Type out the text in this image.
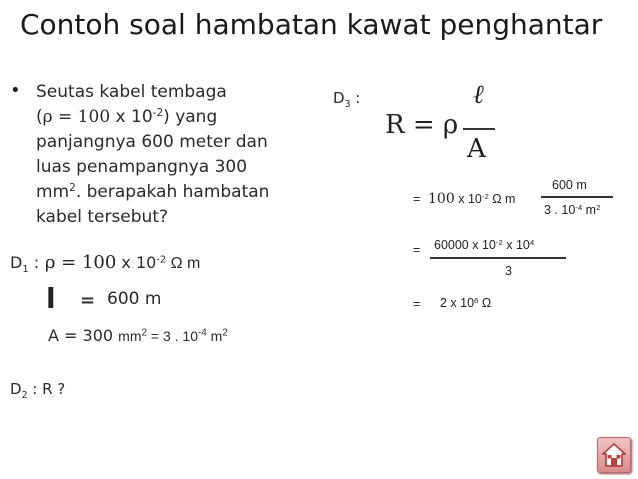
Contoh soal hambatan kawat penghantar
• Seutas kabel tembaga
(ρ = 100 x $10^{-2}$) yang
panjangnya 600 meter dan
luas penampangnya 300
$mm^2$. berapakah hambatan
kabel tersebut?
$D_1$ : ρ = 100 x $10^{-2}$ Ω m
l = 600 m
A = 300 $mm^2 = 3$ . $10^{-4}$ $m^2$
$D_2$ : R ?
$D_3$ :
R = ρ
ℓ
A
= 100 x $10^{-2}$ Ω m
600 m
3 . $10^{-4}$ $m^2$
= 60000 x $10^{-2}$ x $10^4$
3
= 2 x $10^6$ Ω
